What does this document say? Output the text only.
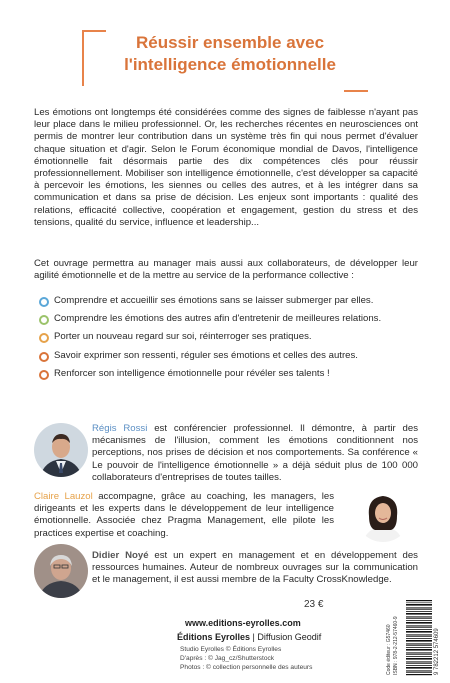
Réussir ensemble avec
l'intelligence émotionnelle

Les émotions ont longtemps été considérées comme des signes de faiblesse n'ayant pas leur place dans le milieu professionnel. Or, les recherches récentes en neurosciences ont permis de montrer leur contribution dans un système très fin qui nous permet d'évaluer chaque situation et d'agir. Selon le Forum économique mondial de Davos, l'intelligence émotionnelle fait désormais partie des dix compétences clés pour réussir professionnellement. Mobiliser son intelligence émotionnelle, c'est développer sa capacité à percevoir les émotions, les siennes ou celles des autres, et à les intégrer dans sa communication et dans sa prise de décision. Les enjeux sont importants : qualité des relations, efficacité collective, coopération et engagement, gestion du stress et des tensions, qualité du service, influence et leadership...

Cet ouvrage permettra au manager mais aussi aux collaborateurs, de développer leur agilité émotionnelle et de la mettre au service de la performance collective :

Comprendre et accueillir ses émotions sans se laisser submerger par elles.
Comprendre les émotions des autres afin d'entretenir de meilleures relations.
Porter un nouveau regard sur soi, réinterroger ses pratiques.
Savoir exprimer son ressenti, réguler ses émotions et celles des autres.
Renforcer son intelligence émotionnelle pour révéler ses talents !
Régis Rossi est conférencier professionnel. Il démontre, à partir des mécanismes de l'illusion, comment les émotions conditionnent nos perceptions, nos prises de décision et nos comportements. Sa conférence « Le pouvoir de l'intelligence émotionnelle » a déjà séduit plus de 100 000 collaborateurs d'entreprises de toutes tailles.
Claire Lauzol accompagne, grâce au coaching, les managers, les dirigeants et les experts dans le développement de leur intelligence émotionnelle. Associée chez Pragma Management, elle pilote les practices expertise et coaching.
Didier Noyé est un expert en management et en développement des ressources humaines. Auteur de nombreux ouvrages sur la communication et le management, il est aussi membre de la Faculty CrossKnowledge.
23 €
www.editions-eyrolles.com
Éditions Eyrolles | Diffusion Geodif
Studio Eyrolles © Éditions Eyrolles
D'après : © Jag_cz/Shutterstock
Photos : © collection personnelle des auteurs	Code éditeur : G57460 ISBN : 978-2-212-57460-9	9 782212 574609
